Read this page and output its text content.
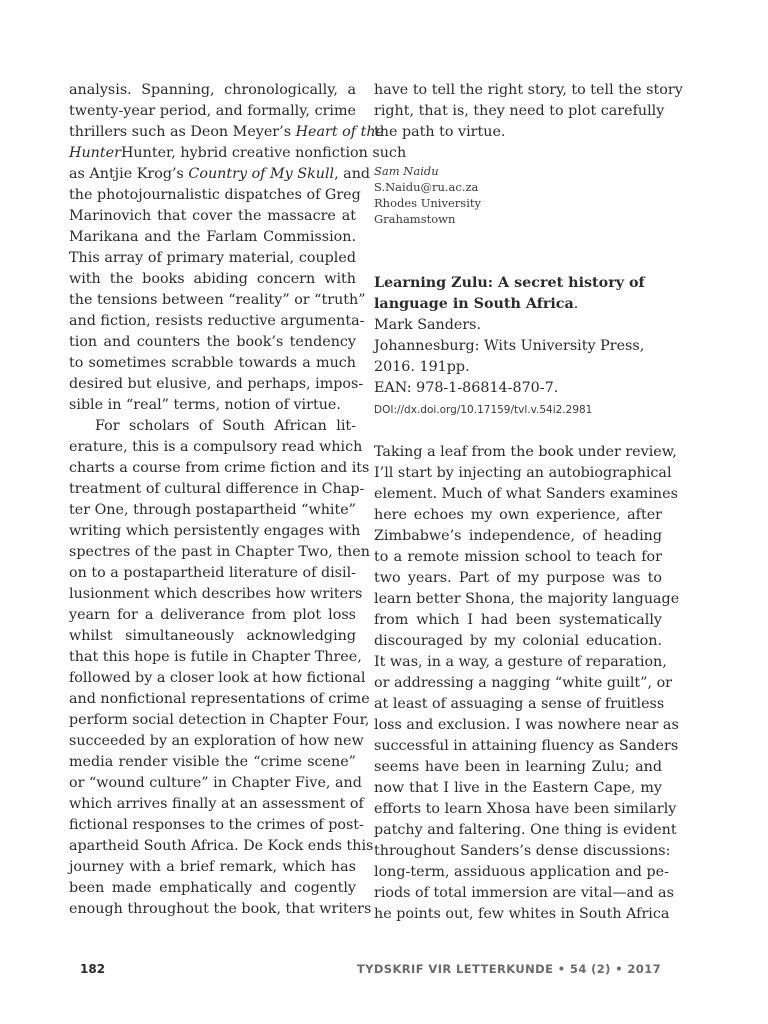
analysis. Spanning, chronologically, a
twenty-year period, and formally, crime
thrillers such as Deon Meyer’s Heart of the
HunterHunter, hybrid creative nonfiction such
as Antjie Krog’s Country of My Skull, and
the photojournalistic dispatches of Greg
Marinovich that cover the massacre at
Marikana and the Farlam Commission.
This array of primary material, coupled
with the books abiding concern with
the tensions between “reality” or “truth”
and fiction, resists reductive argumenta-
tion and counters the book’s tendency
to sometimes scrabble towards a much
desired but elusive, and perhaps, impos-
sible in “real” terms, notion of virtue.
For scholars of South African lit-
erature, this is a compulsory read which
charts a course from crime fiction and its
treatment of cultural difference in Chap-
ter One, through postapartheid “white”
writing which persistently engages with
spectres of the past in Chapter Two, then
on to a postapartheid literature of disil-
lusionment which describes how writers
yearn for a deliverance from plot loss
whilst simultaneously acknowledging
that this hope is futile in Chapter Three,
followed by a closer look at how fictional
and nonfictional representations of crime
perform social detection in Chapter Four,
succeeded by an exploration of how new
media render visible the “crime scene”
or “wound culture” in Chapter Five, and
which arrives finally at an assessment of
fictional responses to the crimes of post-
apartheid South Africa. De Kock ends this
journey with a brief remark, which has
been made emphatically and cogently
enough throughout the book, that writers
have to tell the right story, to tell the story
right, that is, they need to plot carefully
the path to virtue.
Sam Naidu
S.Naidu@ru.ac.za
Rhodes University
Grahamstown
Learning Zulu: A secret history of
language in South Africa.
Mark Sanders.
Johannesburg: Wits University Press,
2016. 191pp.
EAN: 978-1-86814-870-7.
DOI://dx.doi.org/10.17159/tvl.v.54i2.2981
Taking a leaf from the book under review,
I’ll start by injecting an autobiographical
element. Much of what Sanders examines
here echoes my own experience, after
Zimbabwe’s independence, of heading
to a remote mission school to teach for
two years. Part of my purpose was to
learn better Shona, the majority language
from which I had been systematically
discouraged by my colonial education.
It was, in a way, a gesture of reparation,
or addressing a nagging “white guilt”, or
at least of assuaging a sense of fruitless
loss and exclusion. I was nowhere near as
successful in attaining fluency as Sanders
seems have been in learning Zulu; and
now that I live in the Eastern Cape, my
efforts to learn Xhosa have been similarly
patchy and faltering. One thing is evident
throughout Sanders’s dense discussions:
long-term, assiduous application and pe-
riods of total immersion are vital—and as
he points out, few whites in South Africa
182	TYDSKRIF VIR LETTERKUNDE • 54 (2) • 2017
